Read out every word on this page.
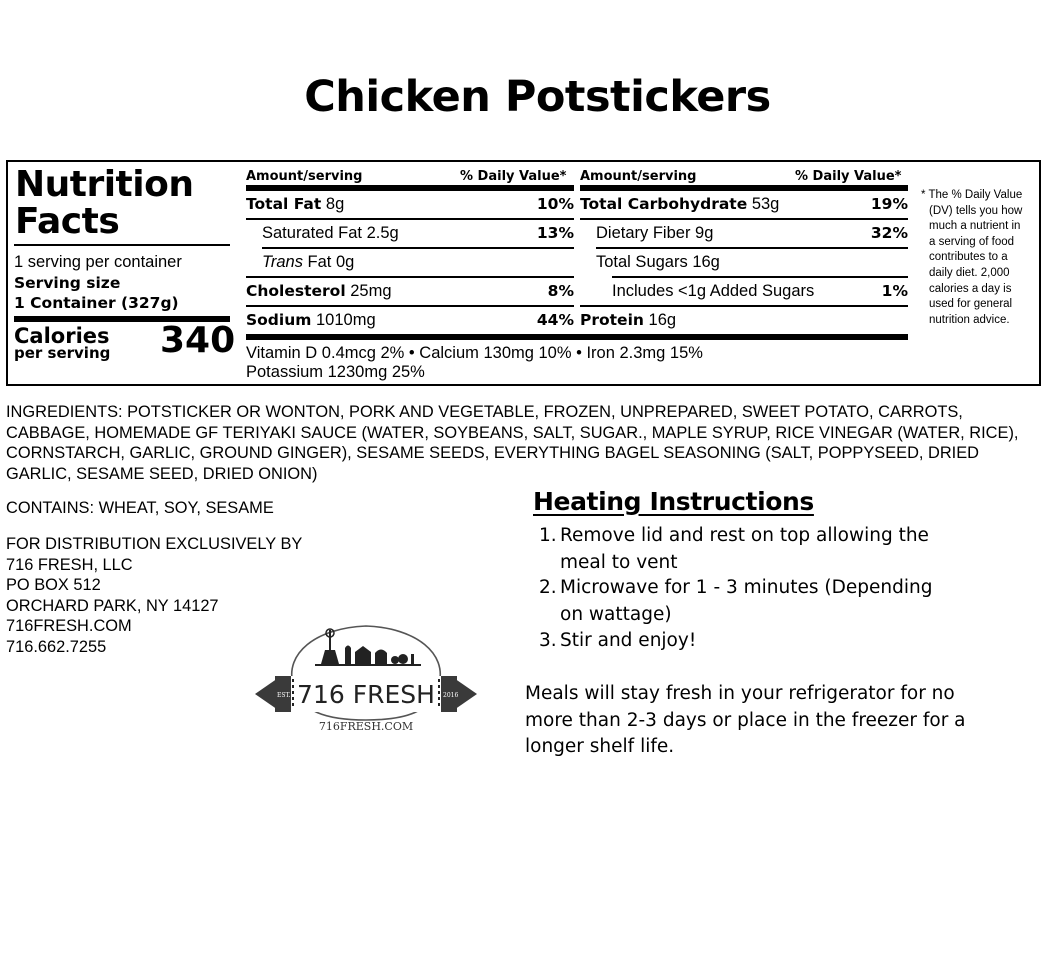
Chicken Potstickers
Nutrition
Facts
1 serving per container
Serving size
1 Container (327g)
Calories
per serving 340
Amount/serving	% Daily Value*
Total Fat 8g	10%
Saturated Fat 2.5g	13%
Trans Fat 0g
Cholesterol 25mg	8%
Sodium 1010mg	44%
Amount/serving	% Daily Value*
Total Carbohydrate 53g	19%
Dietary Fiber 9g	32%
Total Sugars 16g
Includes <1g Added Sugars	1%
Protein 16g
Vitamin D 0.4mcg 2% • Calcium 130mg 10% • Iron 2.3mg 15%
Potassium 1230mg 25%
* The % Daily Value
(DV) tells you how
much a nutrient in
a serving of food
contributes to a
daily diet. 2,000
calories a day is
used for general
nutrition advice.
INGREDIENTS: POTSTICKER OR WONTON, PORK AND VEGETABLE, FROZEN, UNPREPARED, SWEET POTATO, CARROTS, CABBAGE, HOMEMADE GF TERIYAKI SAUCE (WATER, SOYBEANS, SALT, SUGAR., MAPLE SYRUP, RICE VINEGAR (WATER, RICE), CORNSTARCH, GARLIC, GROUND GINGER), SESAME SEEDS, EVERYTHING BAGEL SEASONING (SALT, POPPYSEED, DRIED GARLIC, SESAME SEED, DRIED ONION)
CONTAINS: WHEAT, SOY, SESAME
FOR DISTRIBUTION EXCLUSIVELY BY
716 FRESH, LLC
PO BOX 512
ORCHARD PARK, NY 14127
716FRESH.COM
716.662.7255
EST.	2016
716 FRESH
716FRESH.COM
Heating Instructions
1. Remove lid and rest on top allowing the meal to vent
2. Microwave for 1 - 3 minutes (Depending on wattage)
3. Stir and enjoy!
Meals will stay fresh in your refrigerator for no more than 2-3 days or place in the freezer for a longer shelf life.
